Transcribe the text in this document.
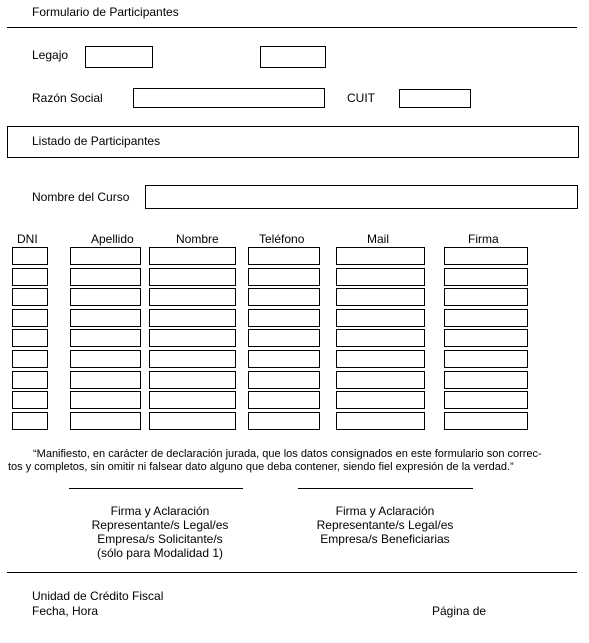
Formulario de Participantes
Legajo
Razón Social	CUIT
Listado de Participantes
Nombre del Curso
DNI	Apellido	Nombre	Teléfono	Mail	Firma
“Manifiesto, en carácter de declaración jurada, que los datos consignados en este formulario son correc-
tos y completos, sin omitir ni falsear dato alguno que deba contener, siendo fiel expresión de la verdad.”
Firma y Aclaración
Representante/s Legal/es
Empresa/s Solicitante/s
(sólo para Modalidad 1)
Firma y Aclaración
Representante/s Legal/es
Empresa/s Beneficiarias
Unidad de Crédito Fiscal
Fecha, Hora	Página de
